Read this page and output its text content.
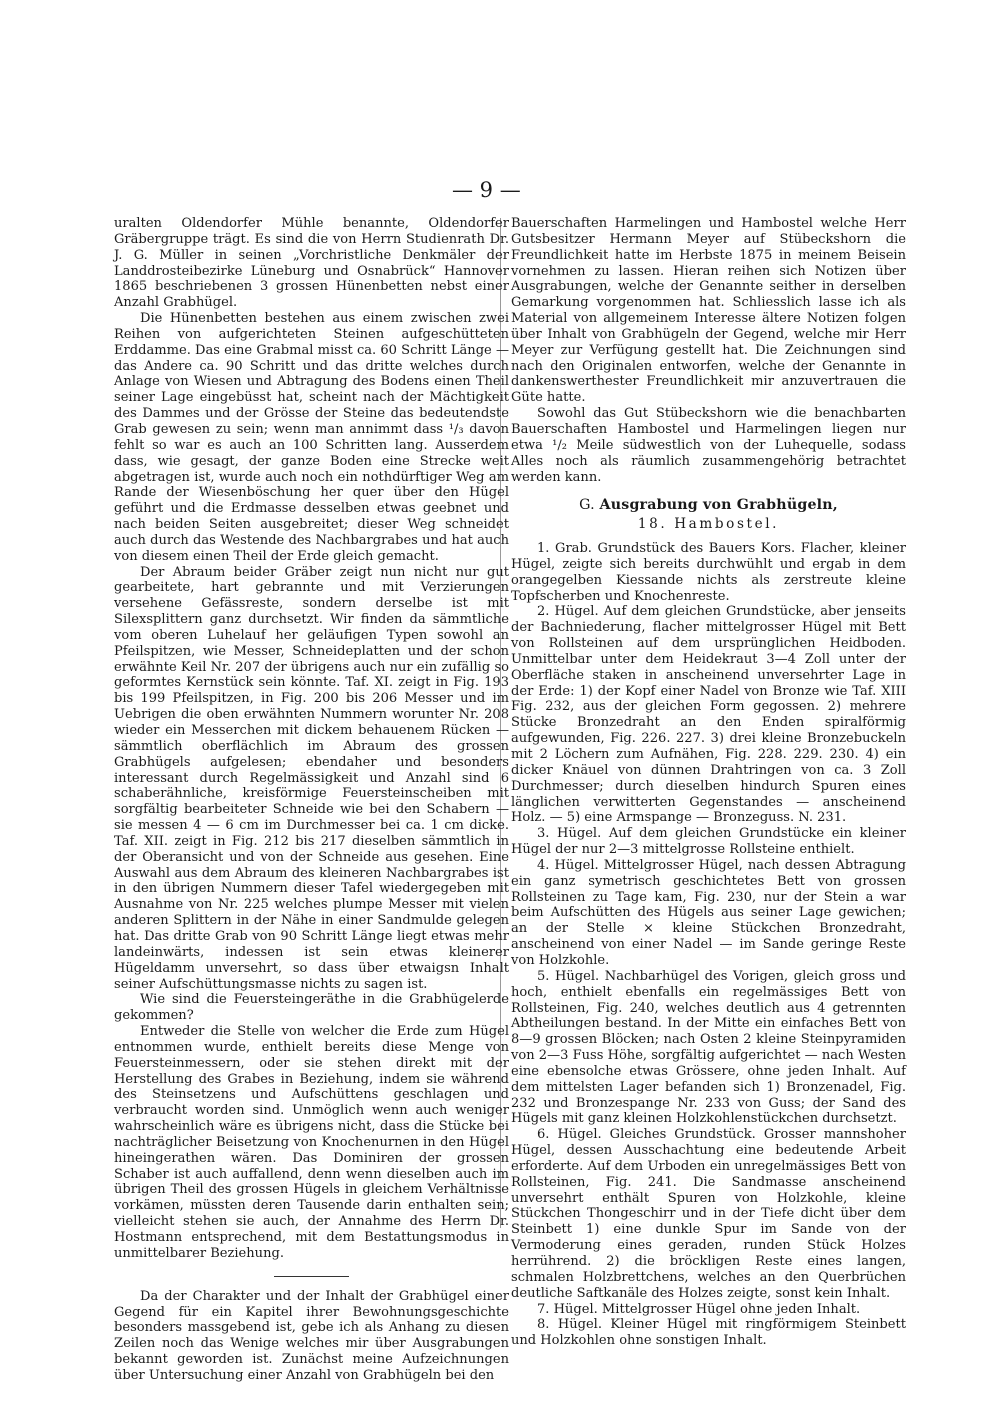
— 9 —

uralten Oldendorfer Mühle benannte, Oldendorfer Gräbergruppe trägt. Es sind die von Herrn Studienrath Dr. J. G. Müller in seinen „Vorchristliche Denkmäler der Landdrosteibezirke Lüneburg und Osnabrück“ Hannover 1865 beschriebenen 3 grossen Hünenbetten nebst einer Anzahl Grabhügel.

Die Hünenbetten bestehen aus einem zwischen zwei Reihen von aufgerichteten Steinen aufgeschütteten Erddamme. Das eine Grabmal misst ca. 60 Schritt Länge — das Andere ca. 90 Schritt und das dritte welches durch Anlage von Wiesen und Abtragung des Bodens einen Theil seiner Lage eingebüsst hat, scheint nach der Mächtigkeit des Dammes und der Grösse der Steine das bedeutendste Grab gewesen zu sein; wenn man annimmt dass ¹/₃ davon fehlt so war es auch an 100 Schritten lang. Ausserdem dass, wie gesagt, der ganze Boden eine Strecke weit abgetragen ist, wurde auch noch ein nothdürftiger Weg am Rande der Wiesenböschung her quer über den Hügel geführt und die Erdmasse desselben etwas geebnet und nach beiden Seiten ausgebreitet; dieser Weg schneidet auch durch das Westende des Nachbargrabes und hat auch von diesem einen Theil der Erde gleich gemacht.

Der Abraum beider Gräber zeigt nun nicht nur gut gearbeitete, hart gebrannte und mit Verzierungen versehene Gefässreste, sondern derselbe ist mit Silexsplittern ganz durchsetzt. Wir finden da sämmtliche vom oberen Luhelauf her geläufigen Typen sowohl an Pfeilspitzen, wie Messer, Schneideplatten und der schon erwähnte Keil Nr. 207 der übrigens auch nur ein zufällig so geformtes Kernstück sein könnte. Taf. XI. zeigt in Fig. 193 bis 199 Pfeilspitzen, in Fig. 200 bis 206 Messer und im Uebrigen die oben erwähnten Nummern worunter Nr. 208 wieder ein Messerchen mit dickem behauenem Rücken — sämmtlich oberflächlich im Abraum des grossen Grabhügels aufgelesen; ebendaher und besonders interessant durch Regelmässigkeit und Anzahl sind 6 schaberähnliche, kreisförmige Feuersteinscheiben mit sorgfältig bearbeiteter Schneide wie bei den Schabern — sie messen 4 — 6 cm im Durchmesser bei ca. 1 cm dicke. Taf. XII. zeigt in Fig. 212 bis 217 dieselben sämmtlich in der Oberansicht und von der Schneide aus gesehen. Eine Auswahl aus dem Abraum des kleineren Nachbargrabes ist in den übrigen Nummern dieser Tafel wiedergegeben mit Ausnahme von Nr. 225 welches plumpe Messer mit vielen anderen Splittern in der Nähe in einer Sandmulde gelegen hat. Das dritte Grab von 90 Schritt Länge liegt etwas mehr landeinwärts, indessen ist sein etwas kleinerer Hügeldamm unversehrt, so dass über etwaigsn Inhalt seiner Aufschüttungsmasse nichts zu sagen ist.

Wie sind die Feuersteingeräthe in die Grabhügelerde gekommen?

Entweder die Stelle von welcher die Erde zum Hügel entnommen wurde, enthielt bereits diese Menge von Feuersteinmessern, oder sie stehen direkt mit der Herstellung des Grabes in Beziehung, indem sie während des Steinsetzens und Aufschüttens geschlagen und verbraucht worden sind. Unmöglich wenn auch weniger wahrscheinlich wäre es übrigens nicht, dass die Stücke bei nachträglicher Beisetzung von Knochenurnen in den Hügel hineingerathen wären. Das Dominiren der grossen Schaber ist auch auffallend, denn wenn dieselben auch im übrigen Theil des grossen Hügels in gleichem Verhältnisse vorkämen, müssten deren Tausende darin enthalten sein; vielleicht stehen sie auch, der Annahme des Herrn Dr. Hostmann entsprechend, mit dem Bestattungsmodus in unmittelbarer Beziehung.

Da der Charakter und der Inhalt der Grabhügel einer Gegend für ein Kapitel ihrer Bewohnungsgeschichte besonders massgebend ist, gebe ich als Anhang zu diesen Zeilen noch das Wenige welches mir über Ausgrabungen bekannt geworden ist. Zunächst meine Aufzeichnungen über Untersuchung einer Anzahl von Grabhügeln bei den

Bauerschaften Harmelingen und Hambostel welche Herr Gutsbesitzer Hermann Meyer auf Stübeckshorn die Freundlichkeit hatte im Herbste 1875 in meinem Beisein vornehmen zu lassen. Hieran reihen sich Notizen über Ausgrabungen, welche der Genannte seither in derselben Gemarkung vorgenommen hat. Schliesslich lasse ich als Material von allgemeinem Interesse ältere Notizen folgen über Inhalt von Grabhügeln der Gegend, welche mir Herr Meyer zur Verfügung gestellt hat. Die Zeichnungen sind nach den Originalen entworfen, welche der Genannte in dankenswerthester Freundlichkeit mir anzuvertrauen die Güte hatte.

Sowohl das Gut Stübeckshorn wie die benachbarten Bauerschaften Hambostel und Harmelingen liegen nur etwa ¹/₂ Meile südwestlich von der Luhequelle, sodass Alles noch als räumlich zusammengehörig betrachtet werden kann.

G. Ausgrabung von Grabhügeln,
18. Hambostel.

1. Grab. Grundstück des Bauers Kors. Flacher, kleiner Hügel, zeigte sich bereits durchwühlt und ergab in dem orangegelben Kiessande nichts als zerstreute kleine Topfscherben und Knochenreste.

2. Hügel. Auf dem gleichen Grundstücke, aber jenseits der Bachniederung, flacher mittelgrosser Hügel mit Bett von Rollsteinen auf dem ursprünglichen Heidboden. Unmittelbar unter dem Heidekraut 3—4 Zoll unter der Oberfläche staken in anscheinend unversehrter Lage in der Erde: 1) der Kopf einer Nadel von Bronze wie Taf. XIII Fig. 232, aus der gleichen Form gegossen. 2) mehrere Stücke Bronzedraht an den Enden spiralförmig aufgewunden, Fig. 226. 227. 3) drei kleine Bronzebuckeln mit 2 Löchern zum Aufnähen, Fig. 228. 229. 230. 4) ein dicker Knäuel von dünnen Drahtringen von ca. 3 Zoll Durchmesser; durch dieselben hindurch Spuren eines länglichen verwitterten Gegenstandes — anscheinend Holz. — 5) eine Armspange — Bronzeguss. N. 231.

3. Hügel. Auf dem gleichen Grundstücke ein kleiner Hügel der nur 2—3 mittelgrosse Rollsteine enthielt.

4. Hügel. Mittelgrosser Hügel, nach dessen Abtragung ein ganz symetrisch geschichtetes Bett von grossen Rollsteinen zu Tage kam, Fig. 230, nur der Stein a war beim Aufschütten des Hügels aus seiner Lage gewichen; an der Stelle × kleine Stückchen Bronzedraht, anscheinend von einer Nadel — im Sande geringe Reste von Holzkohle.

5. Hügel. Nachbarhügel des Vorigen, gleich gross und hoch, enthielt ebenfalls ein regelmässiges Bett von Rollsteinen, Fig. 240, welches deutlich aus 4 getrennten Abtheilungen bestand. In der Mitte ein einfaches Bett von 8—9 grossen Blöcken; nach Osten 2 kleine Steinpyramiden von 2—3 Fuss Höhe, sorgfältig aufgerichtet — nach Westen eine ebensolche etwas Grössere, ohne jeden Inhalt. Auf dem mittelsten Lager befanden sich 1) Bronzenadel, Fig. 232 und Bronzespange Nr. 233 von Guss; der Sand des Hügels mit ganz kleinen Holzkohlenstückchen durchsetzt.

6. Hügel. Gleiches Grundstück. Grosser mannshoher Hügel, dessen Ausschachtung eine bedeutende Arbeit erforderte. Auf dem Urboden ein unregelmässiges Bett von Rollsteinen, Fig. 241. Die Sandmasse anscheinend unversehrt enthält Spuren von Holzkohle, kleine Stückchen Thongeschirr und in der Tiefe dicht über dem Steinbett 1) eine dunkle Spur im Sande von der Vermoderung eines geraden, runden Stück Holzes herrührend. 2) die bröckligen Reste eines langen, schmalen Holzbrettchens, welches an den Querbrüchen deutliche Saftkanäle des Holzes zeigte, sonst kein Inhalt.

7. Hügel. Mittelgrosser Hügel ohne jeden Inhalt.

8. Hügel. Kleiner Hügel mit ringförmigem Steinbett und Holzkohlen ohne sonstigen Inhalt.
